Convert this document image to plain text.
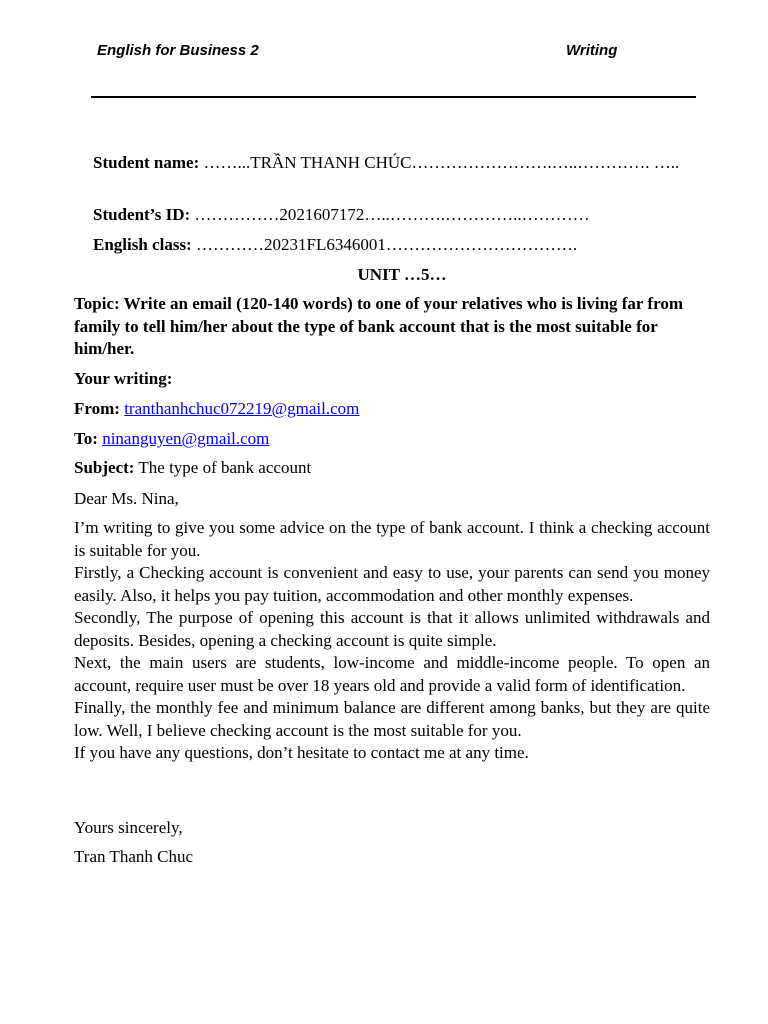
English for Business 2	Writing
Student name: ……...TRẦN THANH CHÚC…………………….…..…………. …..
Student’s ID: ……………2021607172…..……….…………..…………
English class: …………20231FL6346001…………………………….
UNIT …5…
Topic: Write an email (120-140 words) to one of your relatives who is living far from family to tell him/her about the type of bank account that is the most suitable for him/her.
Your writing:
From: tranthanhchuc072219@gmail.com
To: ninanguyen@gmail.com
Subject: The type of bank account
Dear Ms. Nina,

I’m writing to give you some advice on the type of bank account. I think a checking account is suitable for you.

Firstly, a Checking account is convenient and easy to use, your parents can send you money easily. Also, it helps you pay tuition, accommodation and other monthly expenses.

Secondly, The purpose of opening this account is that it allows unlimited withdrawals and deposits. Besides, opening a checking account is quite simple.

Next, the main users are students, low-income and middle-income people. To open an account, require user must be over 18 years old and provide a valid form of identification.

Finally, the monthly fee and minimum balance are different among banks, but they are quite low. Well, I believe checking account is the most suitable for you.

If you have any questions, don’t hesitate to contact me at any time.

Yours sincerely,
Tran Thanh Chuc
